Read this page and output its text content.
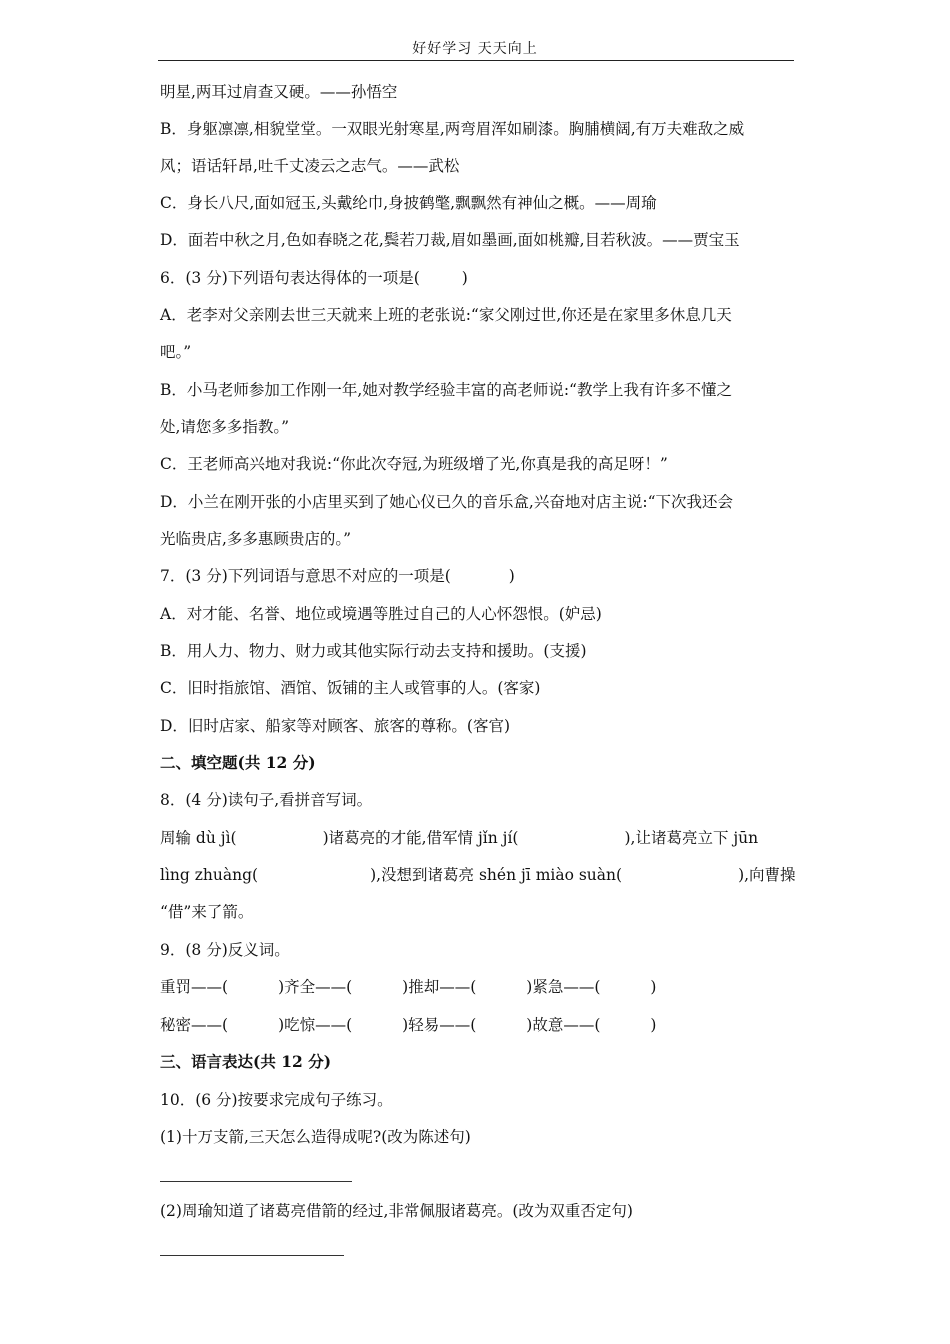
好好学习 天天向上
明星,两耳过肩查又硬。——孙悟空
B．身躯凛凛,相貌堂堂。一双眼光射寒星,两弯眉浑如刷漆。胸脯横阔,有万夫难敌之威
风；语话轩昂,吐千丈凌云之志气。——武松
C．身长八尺,面如冠玉,头戴纶巾,身披鹤氅,飘飘然有神仙之概。——周瑜
D．面若中秋之月,色如春晓之花,鬓若刀裁,眉如墨画,面如桃瓣,目若秋波。——贾宝玉
6．(3 分)下列语句表达得体的一项是(	)
A．老李对父亲刚去世三天就来上班的老张说:“家父刚过世,你还是在家里多休息几天
吧。”
B．小马老师参加工作刚一年,她对教学经验丰富的高老师说:“教学上我有许多不懂之
处,请您多多指教。”
C．王老师高兴地对我说:“你此次夺冠,为班级增了光,你真是我的高足呀！”
D．小兰在刚开张的小店里买到了她心仪已久的音乐盒,兴奋地对店主说:“下次我还会
光临贵店,多多惠顾贵店的。”
7．(3 分)下列词语与意思不对应的一项是(	)
A．对才能、名誉、地位或境遇等胜过自己的人心怀怨恨。(妒忌)
B．用人力、物力、财力或其他实际行动去支持和援助。(支援)
C．旧时指旅馆、酒馆、饭铺的主人或管事的人。(客家)
D．旧时店家、船家等对顾客、旅客的尊称。(客官)
二、填空题(共 12 分)
8．(4 分)读句子,看拼音写词。
周输 dù jì(	)诸葛亮的才能,借军情 jǐn jí(	),让诸葛亮立下 jūn
lìng zhuàng(	),没想到诸葛亮 shén jī miào suàn(	),向曹操
“借”来了箭。
9．(8 分)反义词。
重罚——(	)齐全——(	)推却——(	)紧急——(	)
秘密——(	)吃惊——(	)轻易——(	)故意——(	)
三、语言表达(共 12 分)
10．(6 分)按要求完成句子练习。
(1)十万支箭,三天怎么造得成呢?(改为陈述句)
(2)周瑜知道了诸葛亮借箭的经过,非常佩服诸葛亮。(改为双重否定句)
